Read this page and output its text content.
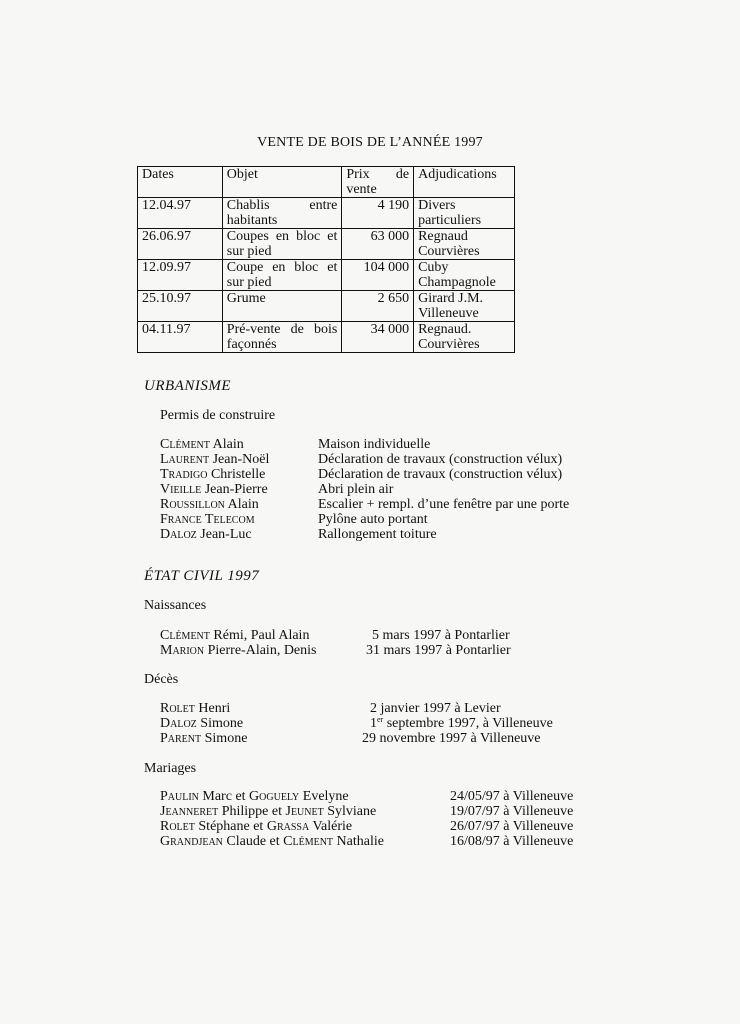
VENTE DE BOIS DE L’ANNÉE 1997
Dates	Objet	Prix de vente	Adjudications
12.04.97	Chablis entre habitants	4 190	Divers particuliers
26.06.97	Coupes en bloc et sur pied	63 000	Regnaud Courvières
12.09.97	Coupe en bloc et sur pied	104 000	Cuby Champagnole
25.10.97	Grume	2 650	Girard J.M. Villeneuve
04.11.97	Pré-vente de bois façonnés	34 000	Regnaud. Courvières
URBANISME
Permis de construire
Clément Alain	Maison individuelle
Laurent Jean-Noël	Déclaration de travaux (construction vélux)
Tradigo Christelle	Déclaration de travaux (construction vélux)
Vieille Jean-Pierre	Abri plein air
Roussillon Alain	Escalier + rempl. d’une fenêtre par une porte
France Telecom	Pylône auto portant
Daloz Jean-Luc	Rallongement toiture
ÉTAT CIVIL 1997
Naissances
Clément Rémi, Paul Alain	5 mars 1997 à Pontarlier
Marion Pierre-Alain, Denis	31 mars 1997 à Pontarlier
Décès
Rolet Henri	2 janvier 1997 à Levier
Daloz Simone	1er septembre 1997, à Villeneuve
Parent Simone	29 novembre 1997 à Villeneuve
Mariages
Paulin Marc et Goguely Evelyne	24/05/97 à Villeneuve
Jeanneret Philippe et Jeunet Sylviane	19/07/97 à Villeneuve
Rolet Stéphane et Grassa Valérie	26/07/97 à Villeneuve
Grandjean Claude et Clément Nathalie	16/08/97 à Villeneuve
